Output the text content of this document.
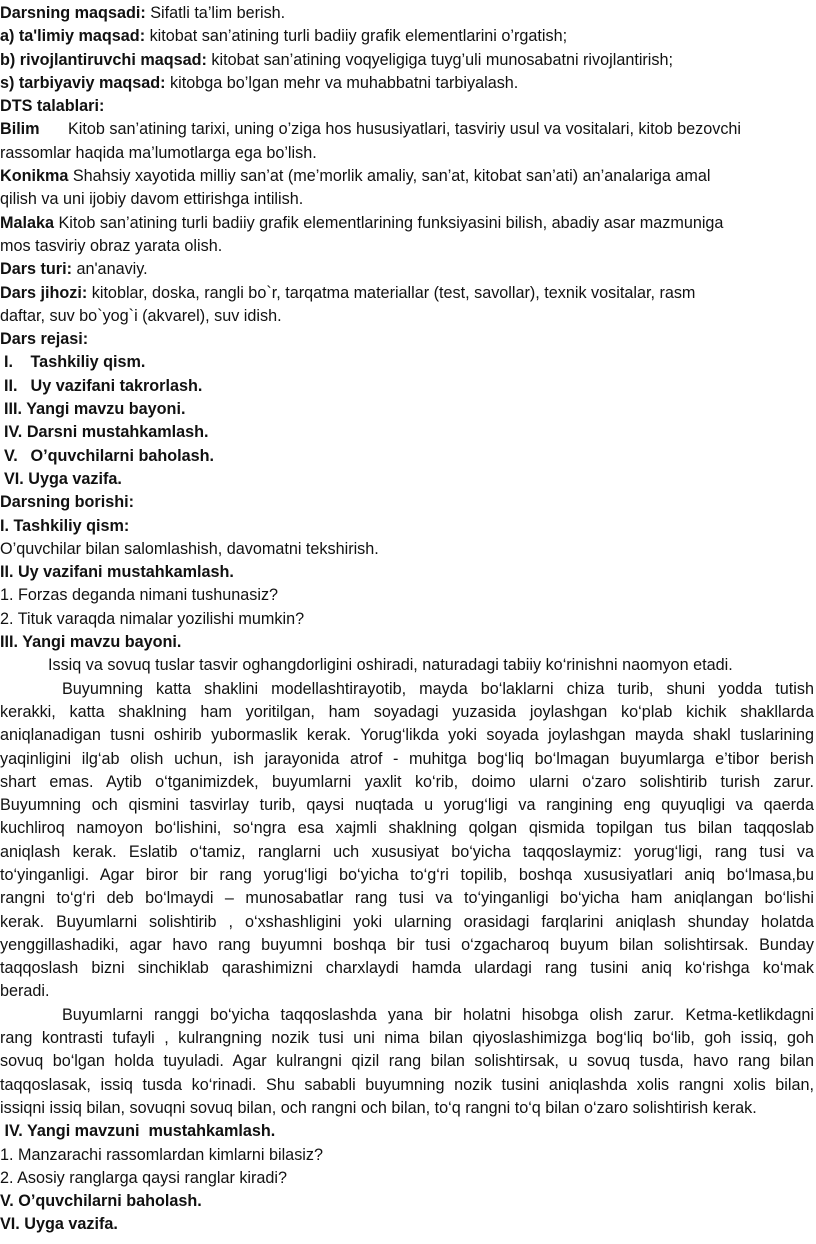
Darsning maqsadi: Sifatli ta’lim berish.
a) ta'limiy maqsad: kitobat san’atining turli badiiy grafik elementlarini o’rgatish;
b) rivojlantiruvchi maqsad: kitobat san’atining voqyeligiga tuyg’uli munosabatni rivojlantirish;
s) tarbiyaviy maqsad: kitobga bo’lgan mehr va muhabbatni tarbiyalash.
DTS talablari:
Bilim Kitob san’atining tarixi, uning o’ziga hos hususiyatlari, tasviriy usul va vositalari, kitob bezovchi
rassomlar haqida ma’lumotlarga ega bo’lish.
Konikma Shahsiy xayotida milliy san’at (me’morlik amaliy, san’at, kitobat san’ati) an’analariga amal
qilish va uni ijobiy davom ettirishga intilish.
Malaka Kitob san’atining turli badiiy grafik elementlarining funksiyasini bilish, abadiy asar mazmuniga
mos tasviriy obraz yarata olish.
Dars turi: an'anaviy.
Dars jihozi: kitoblar, doska, rangli bo`r, tarqatma materiallar (test, savollar), texnik vositalar, rasm
daftar, suv bo`yog`i (akvarel), suv idish.
Dars rejasi:
I. Tashkiliy qism.
II. Uy vazifani takrorlash.
III. Yangi mavzu bayoni.
IV. Darsni mustahkamlash.
V. O’quvchilarni baholash.
VI. Uyga vazifa.
Darsning borishi:
I. Tashkiliy qism:
O’quvchilar bilan salomlashish, davomatni tekshirish.
II. Uy vazifani mustahkamlash.
1. Forzas deganda nimani tushunasiz?
2. Tituk varaqda nimalar yozilishi mumkin?
III. Yangi mavzu bayoni.
Issiq va sovuq tuslar tasvir oghangdorligini oshiradi, naturadagi tabiiy ko‘rinishni naomyon etadi.
Buyumning katta shaklini modellashtirayotib, mayda bo‘laklarni chiza turib, shuni yodda tutish
kerakki, katta shaklning ham yoritilgan, ham soyadagi yuzasida joylashgan ko‘plab kichik shakllarda
aniqlanadigan tusni oshirib yubormaslik kerak. Yorug‘likda yoki soyada joylashgan mayda shakl tuslarining
yaqinligini ilg‘ab olish uchun, ish jarayonida atrof - muhitga bog‘liq bo‘lmagan buyumlarga e’tibor berish
shart emas. Aytib o‘tganimizdek, buyumlarni yaxlit ko‘rib, doimo ularni o‘zaro solishtirib turish zarur.
Buyumning och qismini tasvirlay turib, qaysi nuqtada u yorug‘ligi va rangining eng quyuqligi va qaerda
kuchliroq namoyon bo‘lishini, so‘ngra esa xajmli shaklning qolgan qismida topilgan tus bilan taqqoslab
aniqlash kerak. Eslatib o‘tamiz, ranglarni uch xususiyat bo‘yicha taqqoslaymiz: yorug‘ligi, rang tusi va
to‘yinganligi. Agar biror bir rang yorug‘ligi bo‘yicha to‘g‘ri topilib, boshqa xususiyatlari aniq bo‘lmasa,bu
rangni to‘g‘ri deb bo‘lmaydi – munosabatlar rang tusi va to‘yinganligi bo‘yicha ham aniqlangan bo‘lishi
kerak. Buyumlarni solishtirib , o‘xshashligini yoki ularning orasidagi farqlarini aniqlash shunday holatda
yenggillashadiki, agar havo rang buyumni boshqa bir tusi o‘zgacharoq buyum bilan solishtirsak. Bunday
taqqoslash bizni sinchiklab qarashimizni charxlaydi hamda ulardagi rang tusini aniq ko‘rishga ko‘mak
beradi.
Buyumlarni ranggi bo‘yicha taqqoslashda yana bir holatni hisobga olish zarur. Ketma-ketlikdagni
rang kontrasti tufayli , kulrangning nozik tusi uni nima bilan qiyoslashimizga bog‘liq bo‘lib, goh issiq, goh
sovuq bo‘lgan holda tuyuladi. Agar kulrangni qizil rang bilan solishtirsak, u sovuq tusda, havo rang bilan
taqqoslasak, issiq tusda ko‘rinadi. Shu sababli buyumning nozik tusini aniqlashda xolis rangni xolis bilan,
issiqni issiq bilan, sovuqni sovuq bilan, och rangni och bilan, to‘q rangni to‘q bilan o‘zaro solishtirish kerak.
IV. Yangi mavzuni  mustahkamlash.
1. Manzarachi rassomlardan kimlarni bilasiz?
2. Asosiy ranglarga qaysi ranglar kiradi?
V. O’quvchilarni baholash.
VI. Uyga vazifa.
